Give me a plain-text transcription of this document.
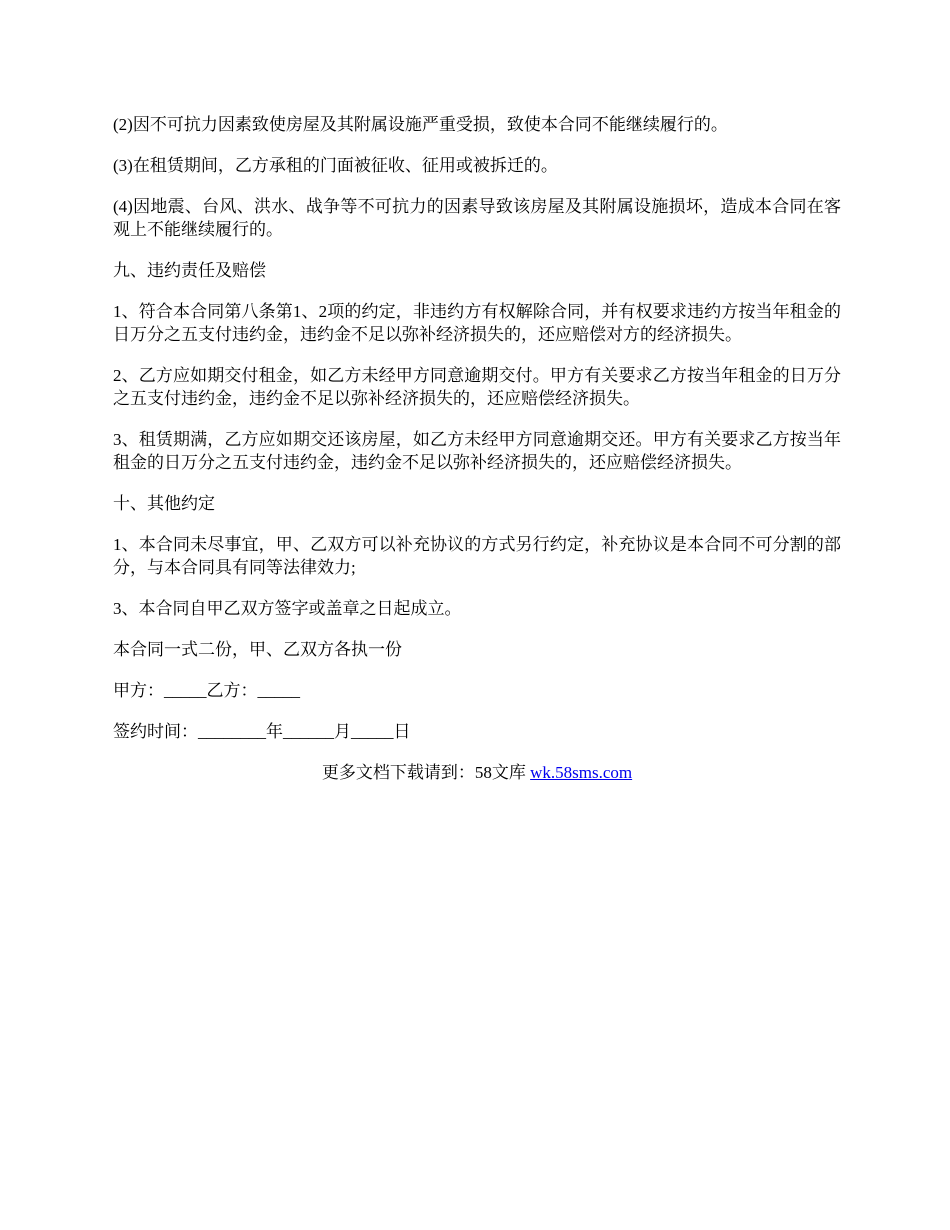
(2)因不可抗力因素致使房屋及其附属设施严重受损，致使本合同不能继续履行的。

(3)在租赁期间，乙方承租的门面被征收、征用或被拆迁的。

(4)因地震、台风、洪水、战争等不可抗力的因素导致该房屋及其附属设施损坏，造成本合同在客观上不能继续履行的。

九、违约责任及赔偿

1、符合本合同第八条第1、2项的约定，非违约方有权解除合同，并有权要求违约方按当年租金的日万分之五支付违约金，违约金不足以弥补经济损失的，还应赔偿对方的经济损失。

2、乙方应如期交付租金，如乙方未经甲方同意逾期交付。甲方有关要求乙方按当年租金的日万分之五支付违约金，违约金不足以弥补经济损失的，还应赔偿经济损失。

3、租赁期满，乙方应如期交还该房屋，如乙方未经甲方同意逾期交还。甲方有关要求乙方按当年租金的日万分之五支付违约金，违约金不足以弥补经济损失的，还应赔偿经济损失。

十、其他约定

1、本合同未尽事宜，甲、乙双方可以补充协议的方式另行约定，补充协议是本合同不可分割的部分，与本合同具有同等法律效力;

3、本合同自甲乙双方签字或盖章之日起成立。

本合同一式二份，甲、乙双方各执一份

甲方：_____乙方：_____

签约时间：________年______月_____日

更多文档下载请到：58文库 wk.58sms.com
